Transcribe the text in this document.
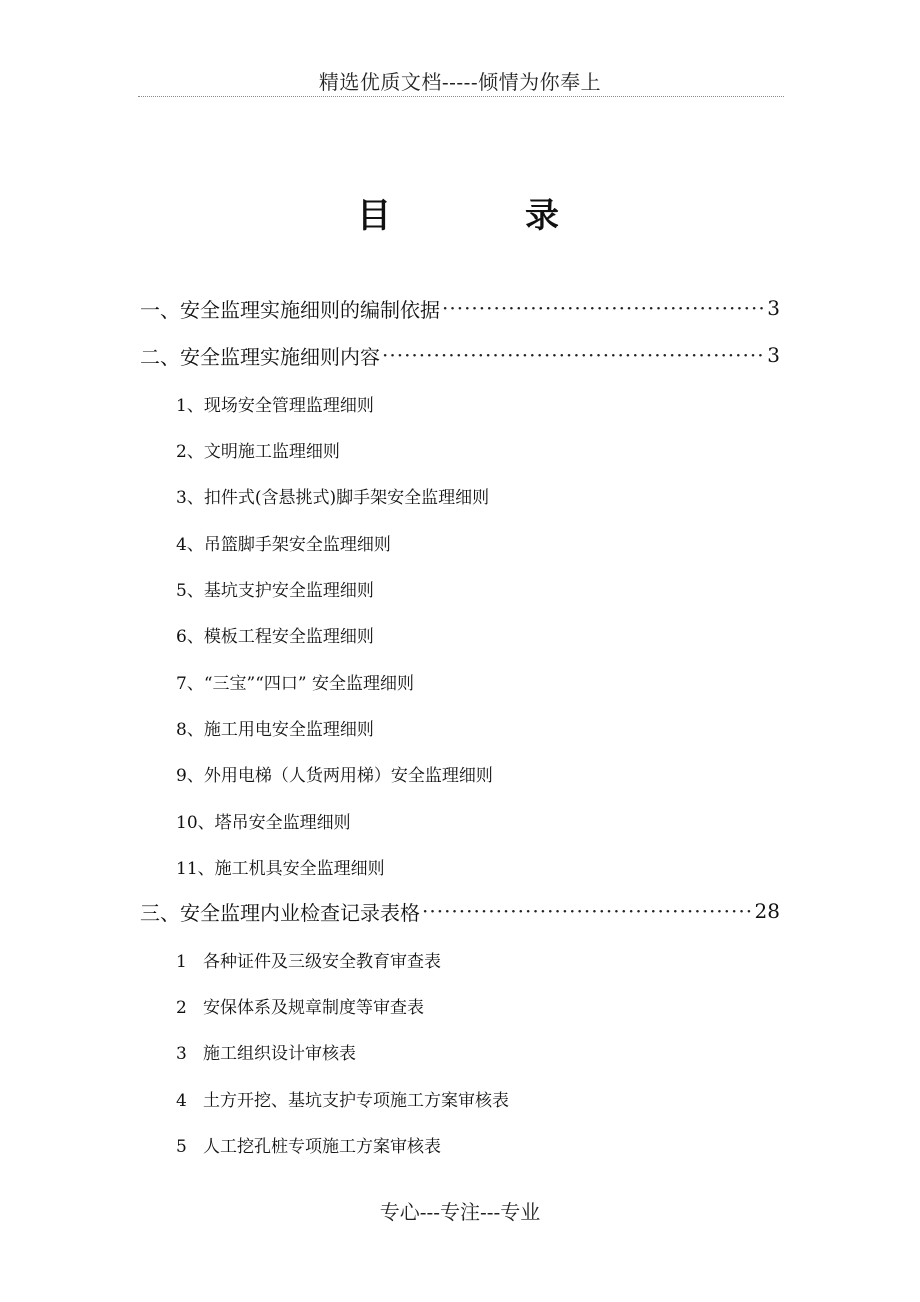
精选优质文档-----倾情为你奉上
目	录
一、安全监理实施细则的编制依据 ·····	3
二、安全监理实施细则内容 ·····	3
1、现场安全管理监理细则
2、文明施工监理细则
3、扣件式(含悬挑式)脚手架安全监理细则
4、吊篮脚手架安全监理细则
5、基坑支护安全监理细则
6、模板工程安全监理细则
7、“三宝”“四口” 安全监理细则
8、施工用电安全监理细则
9、外用电梯（人货两用梯）安全监理细则
10、塔吊安全监理细则
11、施工机具安全监理细则
三、安全监理内业检查记录表格 ·····	28
1   各种证件及三级安全教育审查表
2   安保体系及规章制度等审查表
3   施工组织设计审核表
4   土方开挖、基坑支护专项施工方案审核表
5   人工挖孔桩专项施工方案审核表
专心---专注---专业
